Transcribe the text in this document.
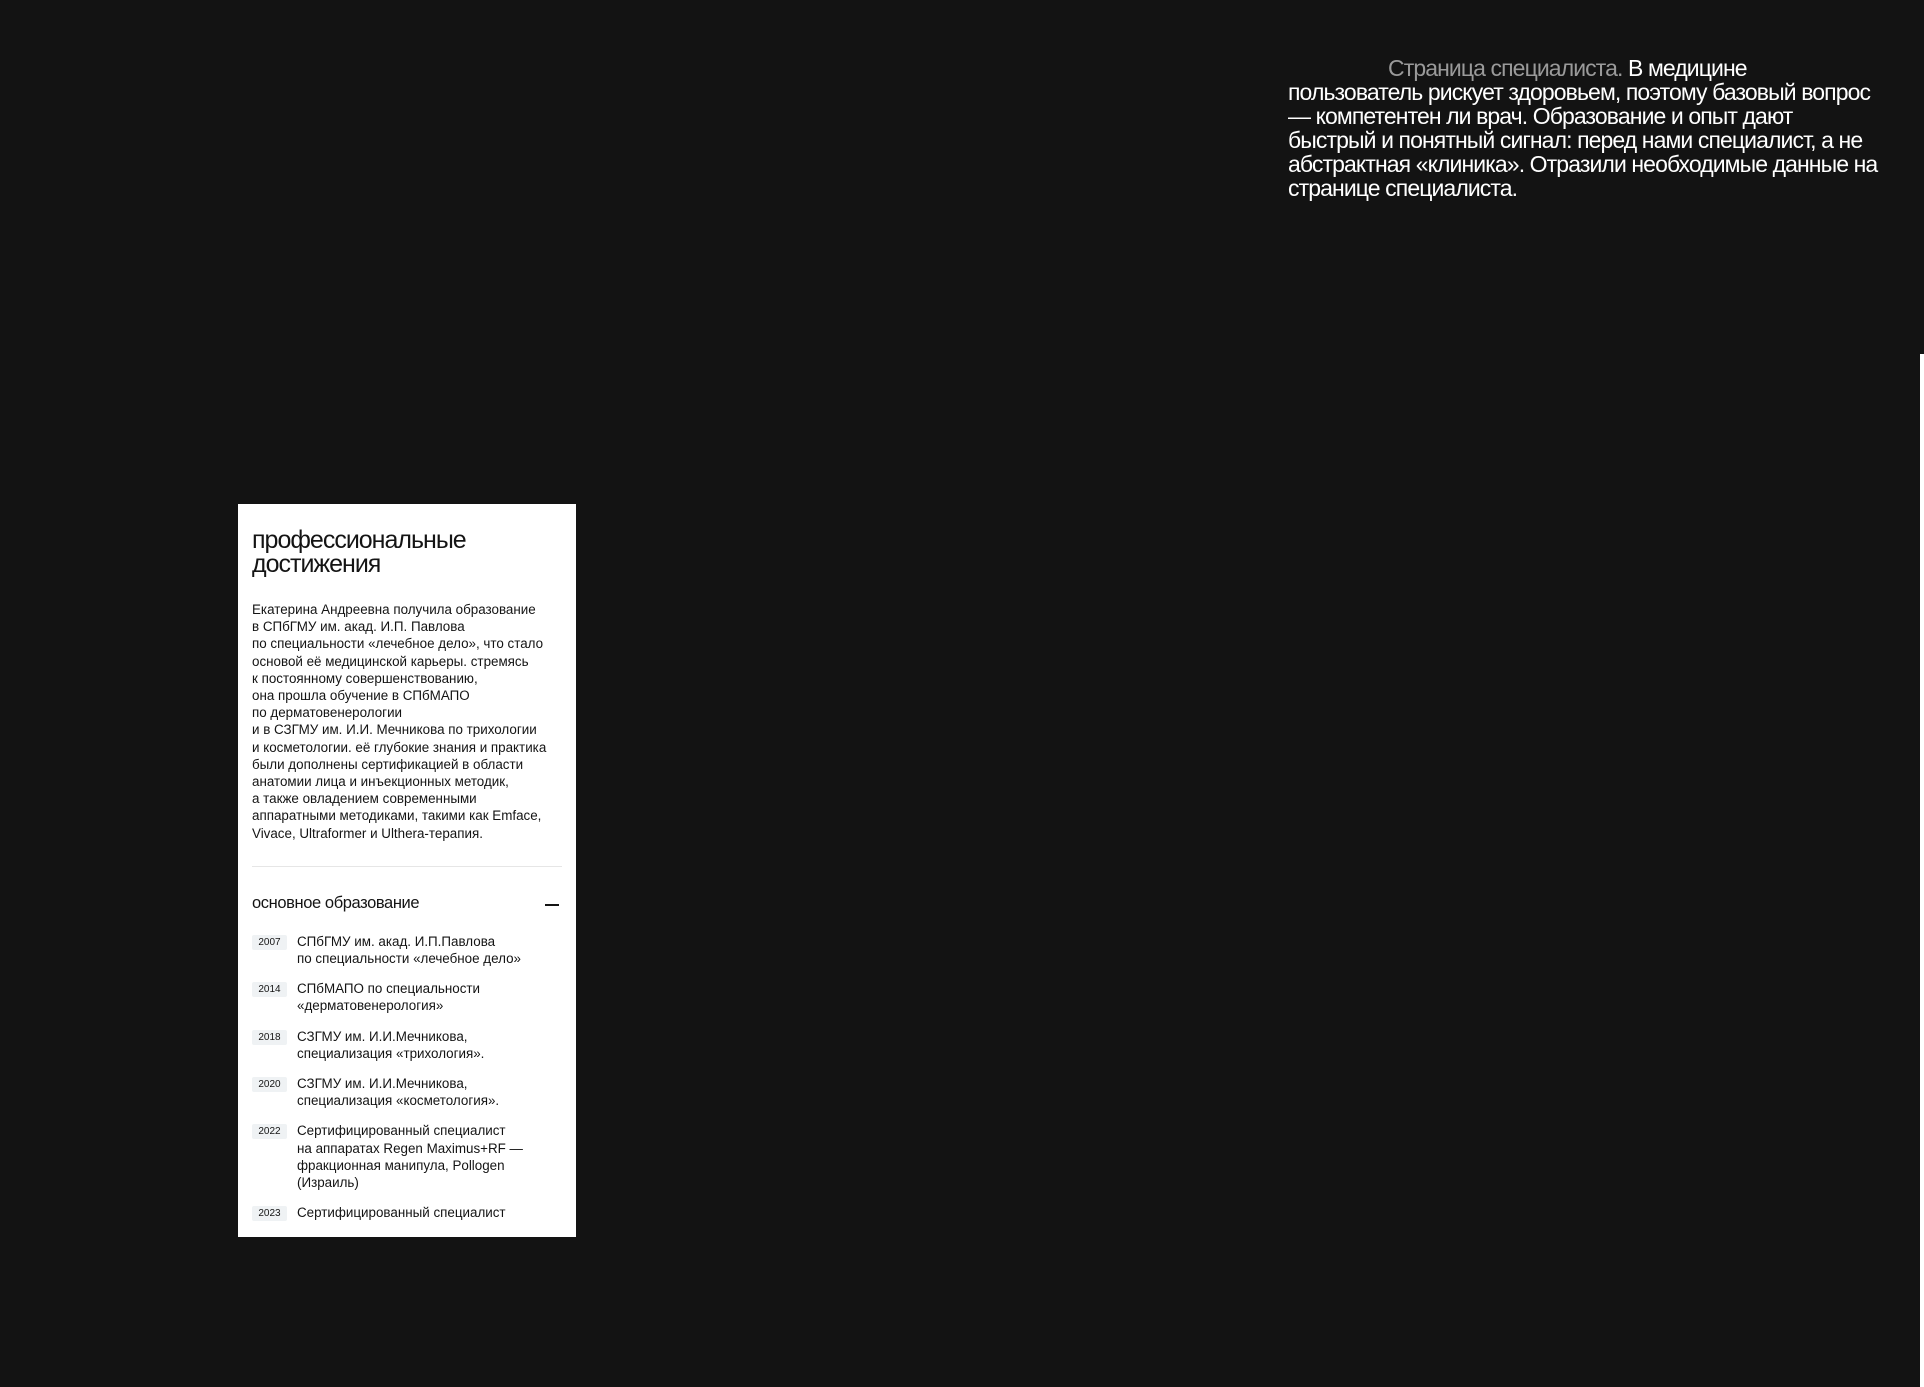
Страница специалиста. В медицине пользователь рискует здоровьем, поэтому базовый вопрос — компетентен ли врач. Образование и опыт дают быстрый и понятный сигнал: перед нами специалист, а не абстрактная «клиника». Отразили необходимые данные на странице специалиста.

профессиональные
достижения

Екатерина Андреевна получила образование
в СПбГМУ им. акад. И.П. Павлова
по специальности «лечебное дело», что стало
основой её медицинской карьеры. стремясь
к постоянному совершенствованию,
она прошла обучение в СПбМАПО
по дерматовенерологии
и в СЗГМУ им. И.И. Мечникова по трихологии
и косметологии. её глубокие знания и практика
были дополнены сертификацией в области
анатомии лица и инъекционных методик,
а также овладением современными
аппаратными методиками, такими как Emface,
Vivace, Ultraformer и Ulthera-терапия.

основное образование
2007	СПбГМУ им. акад. И.П.Павлова
по специальности «лечебное дело»
2014	СПбМАПО по специальности
«дерматовенерология»
2018	СЗГМУ им. И.И.Мечникова,
специализация «трихология».
2020	СЗГМУ им. И.И.Мечникова,
специализация «косметология».
2022	Сертифицированный специалист
на аппаратах Regen Maximus+RF —
фракционная манипула, Pollogen
(Израиль)
2023	Сертифицированный специалист
